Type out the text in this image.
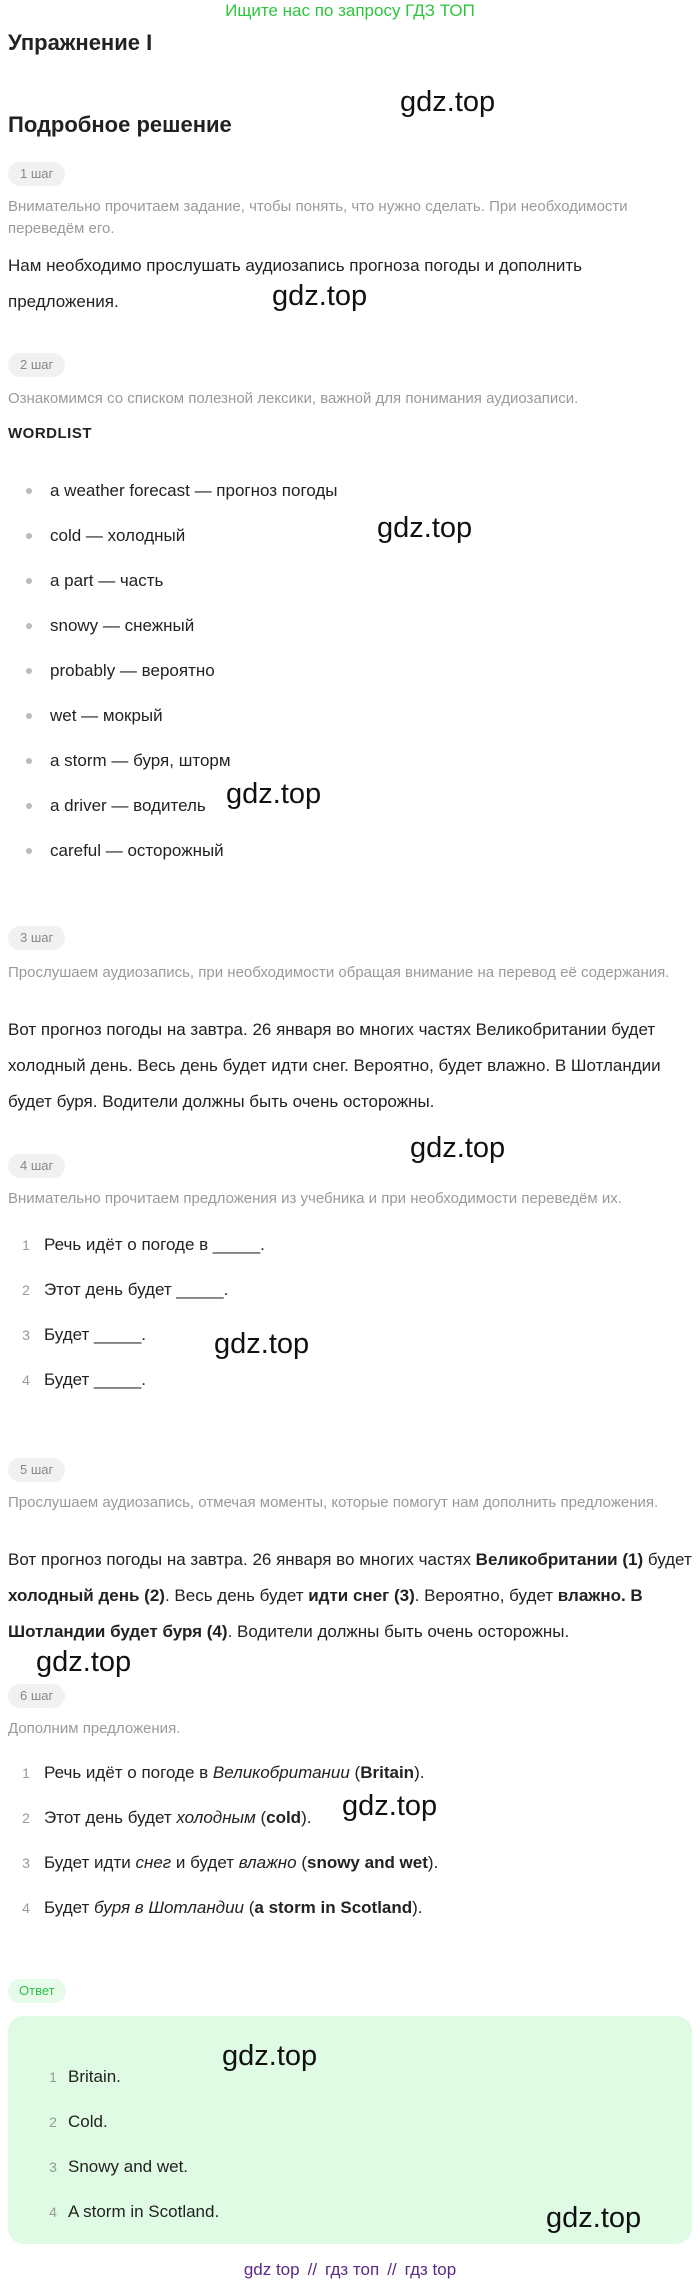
Ищите нас по запросу ГДЗ ТОП
Упражнение I
Подробное решение
1 шаг
Внимательно прочитаем задание, чтобы понять, что нужно сделать. При необходимости переведём его.
Нам необходимо прослушать аудиозапись прогноза погоды и дополнить предложения.
2 шаг
Ознакомимся со списком полезной лексики, важной для понимания аудиозаписи.
WORDLIST
a weather forecast — прогноз погоды
cold — холодный
a part — часть
snowy — снежный
probably — вероятно
wet — мокрый
a storm — буря, шторм
a driver — водитель
careful — осторожный
3 шаг
Прослушаем аудиозапись, при необходимости обращая внимание на перевод её содержания.
Вот прогноз погоды на завтра. 26 января во многих частях Великобритании будет холодный день. Весь день будет идти снег. Вероятно, будет влажно. В Шотландии будет буря. Водители должны быть очень осторожны.
4 шаг
Внимательно прочитаем предложения из учебника и при необходимости переведём их.
1 Речь идёт о погоде в _____.
2 Этот день будет _____.
3 Будет _____.
4 Будет _____.
5 шаг
Прослушаем аудиозапись, отмечая моменты, которые помогут нам дополнить предложения.
Вот прогноз погоды на завтра. 26 января во многих частях Великобритании (1) будет холодный день (2). Весь день будет идти снег (3). Вероятно, будет влажно. В Шотландии будет буря (4). Водители должны быть очень осторожны.
6 шаг
Дополним предложения.
1 Речь идёт о погоде в Великобритании (Britain).
2 Этот день будет холодным (cold).
3 Будет идти снег и будет влажно (snowy and wet).
4 Будет буря в Шотландии (a storm in Scotland).
Ответ
1 Britain.
2 Cold.
3 Snowy and wet.
4 A storm in Scotland.
gdz.top
gdz.top
gdz.top
gdz.top
gdz.top
gdz.top
gdz.top
gdz.top
gdz.top
gdz.top
gdz top // гдз топ // гдз top
